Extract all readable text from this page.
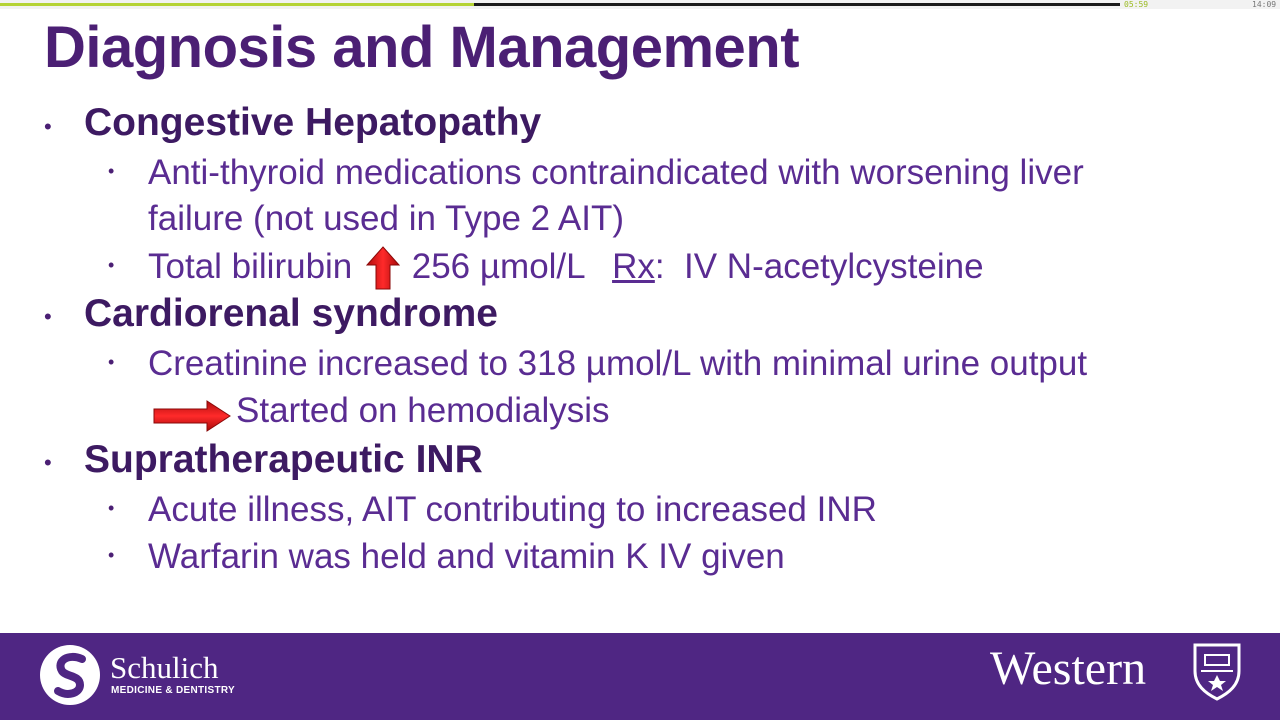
05:59	14:09
Diagnosis and Management
• Congestive Hepatopathy
• Anti-thyroid medications contraindicated with worsening liver
failure (not used in Type 2 AIT)
• Total bilirubin 256 µmol/L Rx:  IV N-acetylcysteine
• Cardiorenal syndrome
• Creatinine increased to 318 µmol/L with minimal urine output
Started on hemodialysis
• Supratherapeutic INR
• Acute illness, AIT contributing to increased INR
• Warfarin was held and vitamin K IV given
Schulich
MEDICINE & DENTISTRY	Western
